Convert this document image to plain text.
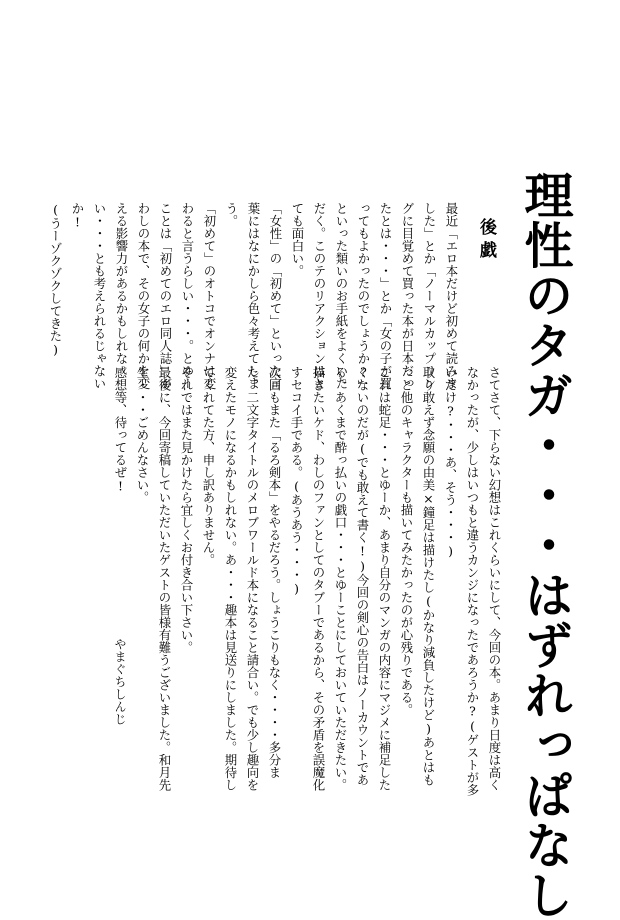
理性のタガ・・・はずれっぱなし
後戯
最近「エロ本だけど初めて読みました」とか「ノーマルカップリングに目覚めて買った本が日本だったとは・・・」とか「女の子が買ってもよかったのでしょうか?」といった類いのお手紙をよくいただく。このテのリアクションはとても面白い。
「女性」の「初めて」といった言葉にはなにかしら色々考えてしまう。
「初めて」のオトコでオンナは変わると言うらしい・・・。とゆーことは「初めてのエロ同人誌」がわしの本で、その女子の何かを変える影響力があるかもしれない・・・とも考えられるじゃないか!
(うーゾクゾクしてきた)
さてさて、下らない幻想はこれくらいにして、今回の本。あまり日度は高くなかったが、少しはいつもと違うカンジになったであろうか?(ゲストが多いだけ?・・・あ、そう・・・)
取り敢えず念願の由美×鐘足は描けたし(かなり減負したけど)あとはもっと他のキャラクターも描いてみたかったのが心残りである。
これは蛇足・・・とゆーか、あまり自分のマンガの内容にマジメに補足したくないのだが(でも敢えて書く!)今回の剣心の告白はノーカウントである。あくまで酔っ払いの戯口・・・とゆーことにしておいていただきたい。
描きたいケド、わしのファンとしてのタブーであるから、その矛盾を誤魔化すセコイ手である。(あうあう・・・)
次回もまた「るろ剣本」をやるだろう。しょうこりもなく・・・・多分また、二文字タイトルのメロブワールド本になること請合い。でも少し趣向を変えたモノになるかもしれない。あ・・・趣本は見送りにしました。期待してくれてた方、申し訳ありません。
それではまた見かけたら宜しくお付き合い下さい。
最後に、今回寄稿していただいたゲストの皆様有難うございました。和月先生・・・ごめんなさい。
感想等、待ってるぜ!
やまぐちしんじ
